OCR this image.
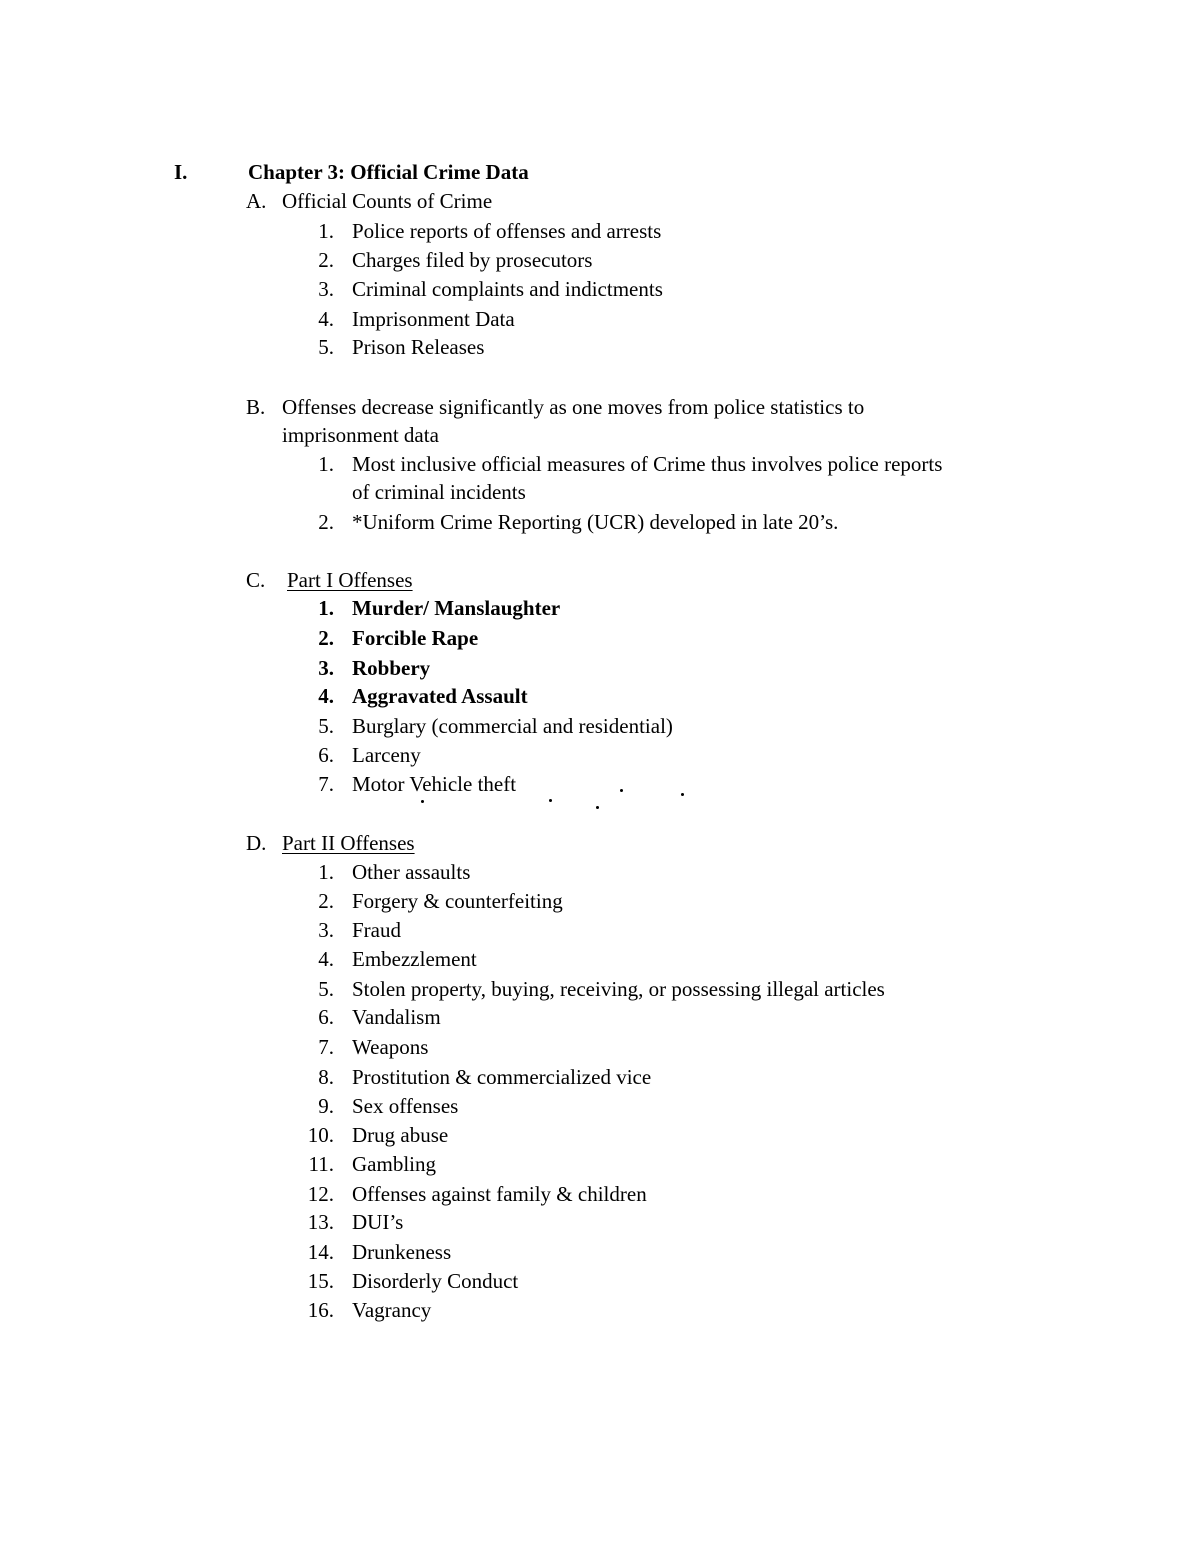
I.	Chapter 3: Official Crime Data
A. Official Counts of Crime
1. Police reports of offenses and arrests
2. Charges filed by prosecutors
3. Criminal complaints and indictments
4. Imprisonment Data
5. Prison Releases
B. Offenses decrease significantly as one moves from police statistics to
imprisonment data
1. Most inclusive official measures of Crime thus involves police reports
of criminal incidents
2. *Uniform Crime Reporting (UCR) developed in late 20’s.
C. Part I Offenses
1. Murder/ Manslaughter
2. Forcible Rape
3. Robbery
4. Aggravated Assault
5. Burglary (commercial and residential)
6. Larceny
7. Motor Vehicle theft
D. Part II Offenses
1. Other assaults
2. Forgery & counterfeiting
3. Fraud
4. Embezzlement
5. Stolen property, buying, receiving, or possessing illegal articles
6. Vandalism
7. Weapons
8. Prostitution & commercialized vice
9. Sex offenses
10. Drug abuse
11. Gambling
12. Offenses against family & children
13. DUI’s
14. Drunkeness
15. Disorderly Conduct
16. Vagrancy
